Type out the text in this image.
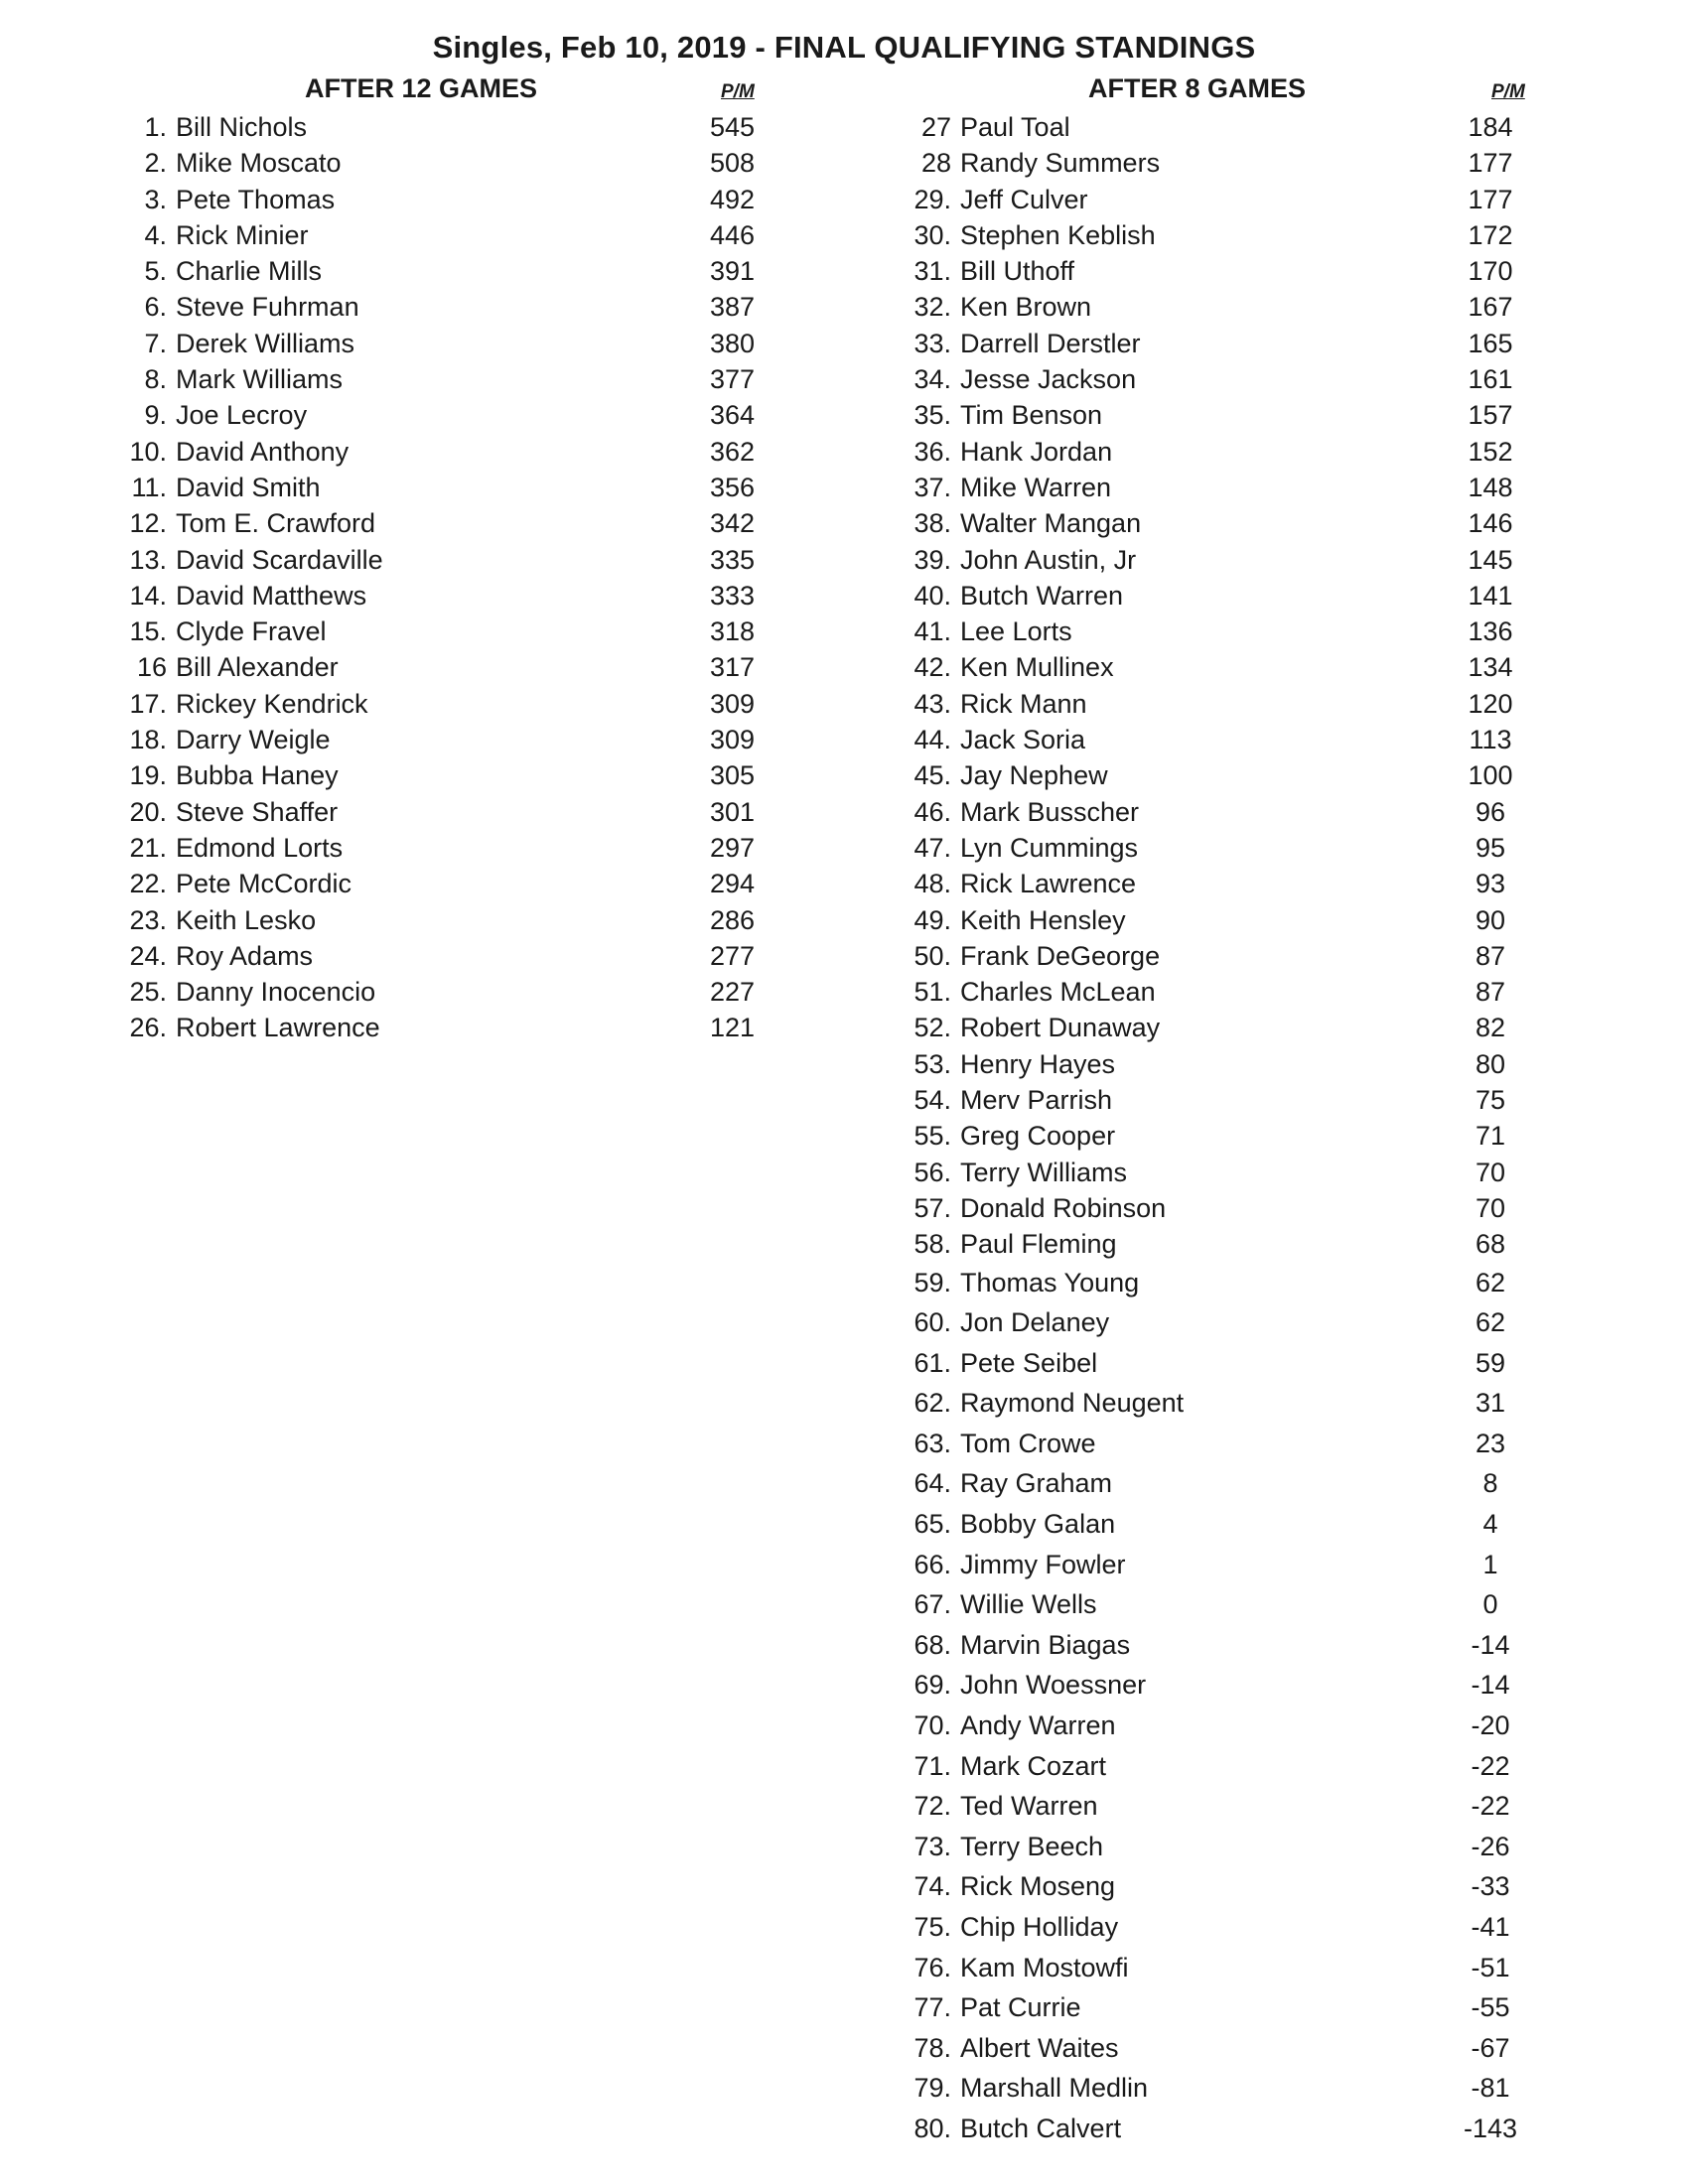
Singles, Feb 10, 2019 - FINAL QUALIFYING STANDINGS
AFTER 12 GAMES	P/M
1. Bill Nichols	545
2. Mike Moscato	508
3. Pete Thomas	492
4. Rick Minier	446
5. Charlie Mills	391
6. Steve Fuhrman	387
7. Derek Williams	380
8. Mark Williams	377
9. Joe Lecroy	364
10. David Anthony	362
11. David Smith	356
12. Tom E. Crawford	342
13. David Scardaville	335
14. David Matthews	333
15. Clyde Fravel	318
16 Bill Alexander	317
17. Rickey Kendrick	309
18. Darry Weigle	309
19. Bubba Haney	305
20. Steve Shaffer	301
21. Edmond Lorts	297
22. Pete McCordic	294
23. Keith Lesko	286
24. Roy Adams	277
25. Danny Inocencio	227
26. Robert Lawrence	121
AFTER 8 GAMES	P/M
27 Paul Toal	184
28 Randy Summers	177
29. Jeff Culver	177
30. Stephen Keblish	172
31. Bill Uthoff	170
32. Ken Brown	167
33. Darrell Derstler	165
34. Jesse Jackson	161
35. Tim Benson	157
36. Hank Jordan	152
37. Mike Warren	148
38. Walter Mangan	146
39. John Austin, Jr	145
40. Butch Warren	141
41. Lee Lorts	136
42. Ken Mullinex	134
43. Rick Mann	120
44. Jack Soria	113
45. Jay Nephew	100
46. Mark Busscher	96
47. Lyn Cummings	95
48. Rick Lawrence	93
49. Keith Hensley	90
50. Frank DeGeorge	87
51. Charles McLean	87
52. Robert Dunaway	82
53. Henry Hayes	80
54. Merv Parrish	75
55. Greg Cooper	71
56. Terry Williams	70
57. Donald Robinson	70
58. Paul Fleming	68
59. Thomas Young	62
60. Jon Delaney	62
61. Pete Seibel	59
62. Raymond Neugent	31
63. Tom Crowe	23
64. Ray Graham	8
65. Bobby Galan	4
66. Jimmy Fowler	1
67. Willie Wells	0
68. Marvin Biagas	-14
69. John Woessner	-14
70. Andy Warren	-20
71. Mark Cozart	-22
72. Ted Warren	-22
73. Terry Beech	-26
74. Rick Moseng	-33
75. Chip Holliday	-41
76. Kam Mostowfi	-51
77. Pat Currie	-55
78. Albert Waites	-67
79. Marshall Medlin	-81
80. Butch Calvert	-143
